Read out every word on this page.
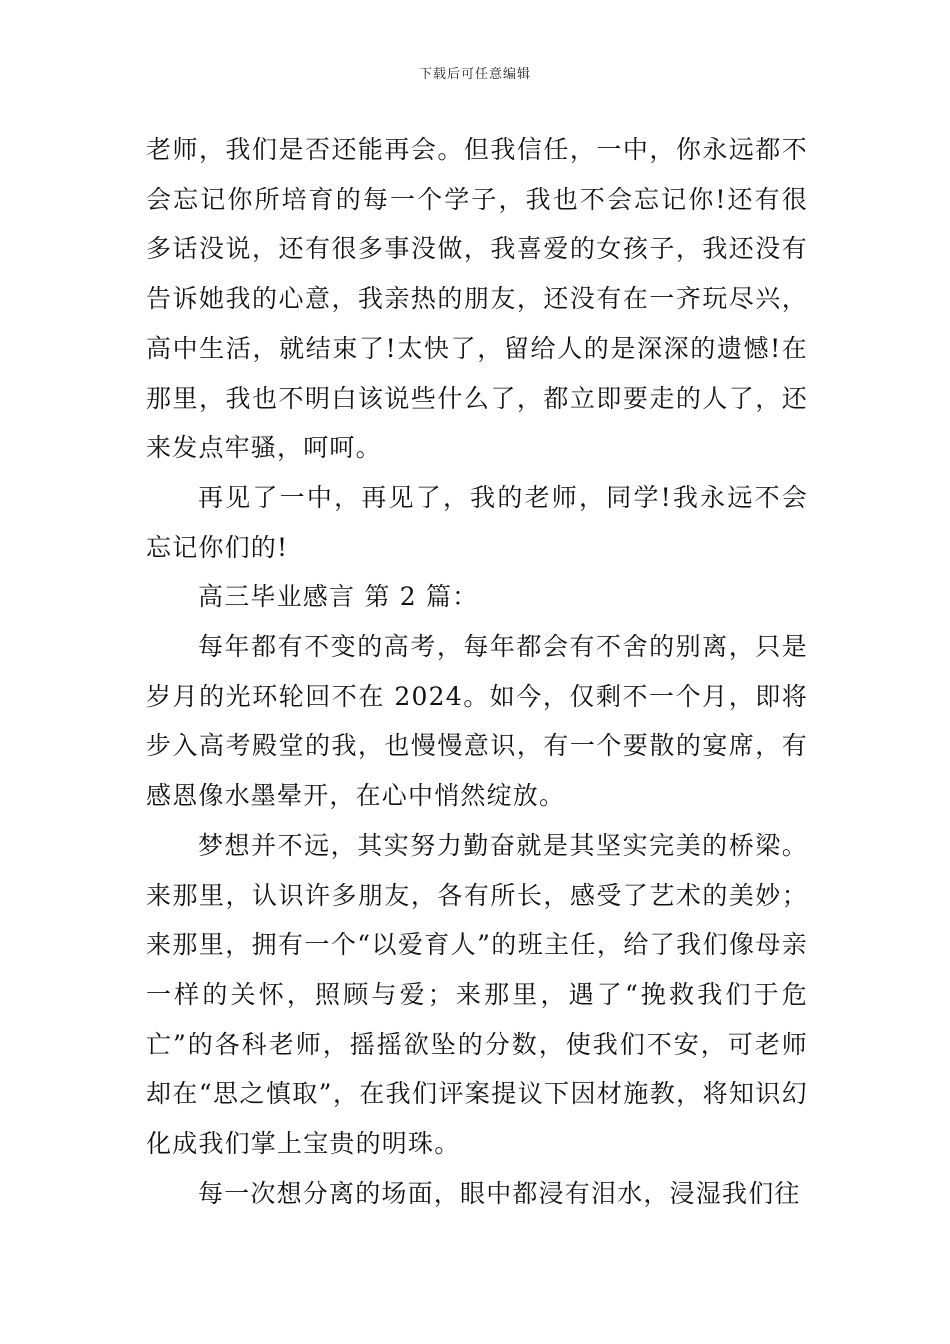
下载后可任意编辑

老师，我们是否还能再会。但我信任，一中，你永远都不会忘记你所培育的每一个学子，我也不会忘记你!还有很多话没说，还有很多事没做，我喜爱的女孩子，我还没有告诉她我的心意，我亲热的朋友，还没有在一齐玩尽兴，高中生活，就结束了!太快了，留给人的是深深的遗憾!在那里，我也不明白该说些什么了，都立即要走的人了，还来发点牢骚，呵呵。

再见了一中，再见了，我的老师，同学!我永远不会忘记你们的!

高三毕业感言 第 2 篇：

每年都有不变的高考，每年都会有不舍的别离，只是岁月的光环轮回不在 2024。如今，仅剩不一个月，即将步入高考殿堂的我，也慢慢意识，有一个要散的宴席，有感恩像水墨晕开，在心中悄然绽放。

梦想并不远，其实努力勤奋就是其坚实完美的桥梁。来那里，认识许多朋友，各有所长，感受了艺术的美妙；来那里，拥有一个“以爱育人”的班主任，给了我们像母亲一样的关怀，照顾与爱；来那里，遇了“挽救我们于危亡”的各科老师，摇摇欲坠的分数，使我们不安，可老师却在“思之慎取”，在我们评案提议下因材施教，将知识幻化成我们掌上宝贵的明珠。

每一次想分离的场面，眼中都浸有泪水，浸湿我们往
